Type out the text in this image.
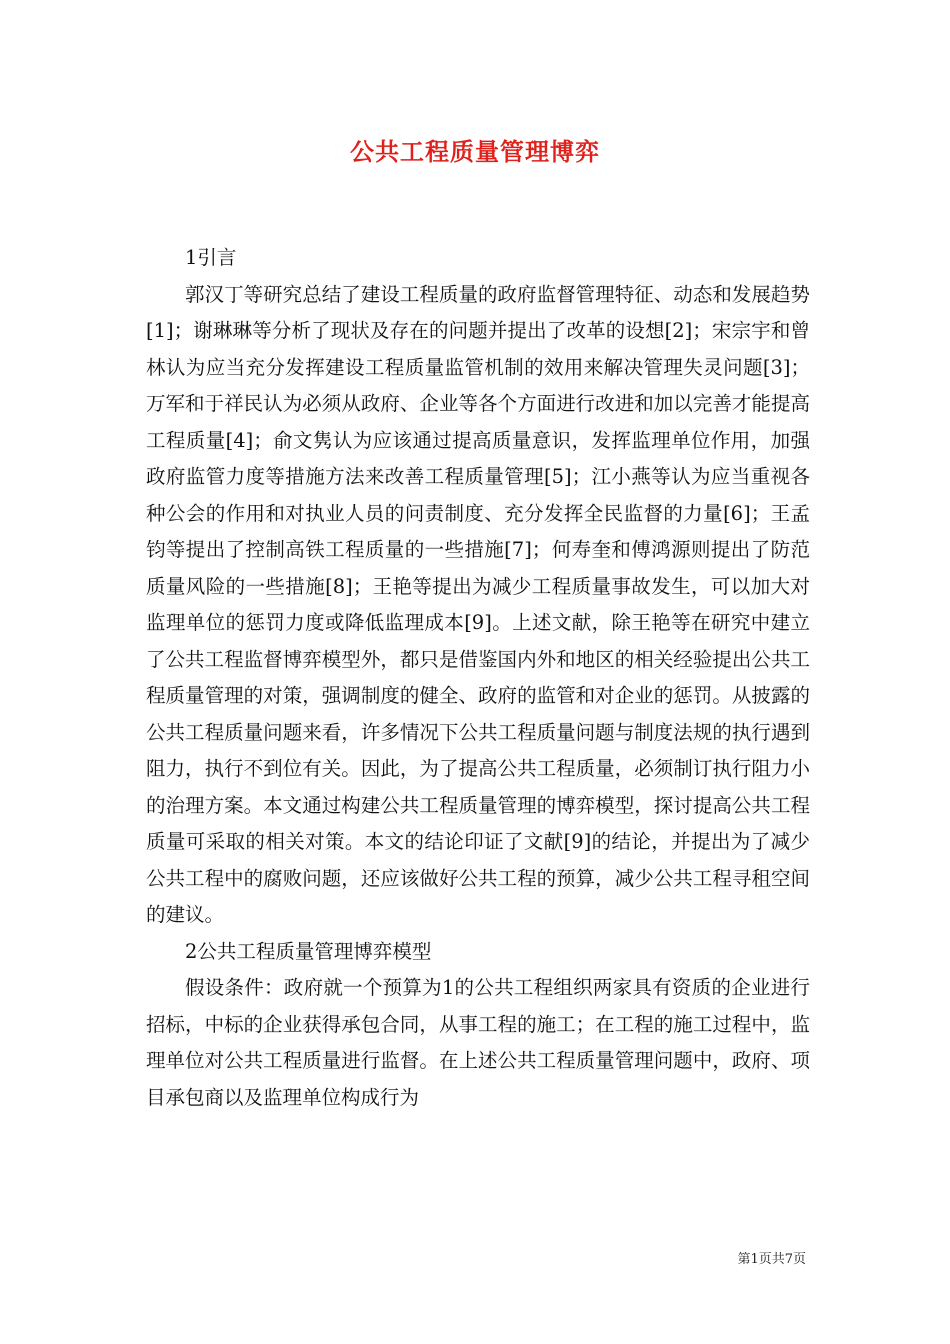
公共工程质量管理博弈

1引言

郭汉丁等研究总结了建设工程质量的政府监督管理特征、动态和发展趋势[1]；谢琳琳等分析了现状及存在的问题并提出了改革的设想[2]；宋宗宇和曾林认为应当充分发挥建设工程质量监管机制的效用来解决管理失灵问题[3]；万军和于祥民认为必须从政府、企业等各个方面进行改进和加以完善才能提高工程质量[4]；俞文隽认为应该通过提高质量意识，发挥监理单位作用，加强政府监管力度等措施方法来改善工程质量管理[5]；江小燕等认为应当重视各种公会的作用和对执业人员的问责制度、充分发挥全民监督的力量[6]；王孟钧等提出了控制高铁工程质量的一些措施[7]；何寿奎和傅鸿源则提出了防范质量风险的一些措施[8]；王艳等提出为减少工程质量事故发生，可以加大对监理单位的惩罚力度或降低监理成本[9]。上述文献，除王艳等在研究中建立了公共工程监督博弈模型外，都只是借鉴国内外和地区的相关经验提出公共工程质量管理的对策，强调制度的健全、政府的监管和对企业的惩罚。从披露的公共工程质量问题来看，许多情况下公共工程质量问题与制度法规的执行遇到阻力，执行不到位有关。因此，为了提高公共工程质量，必须制订执行阻力小的治理方案。本文通过构建公共工程质量管理的博弈模型，探讨提高公共工程质量可采取的相关对策。本文的结论印证了文献[9]的结论，并提出为了减少公共工程中的腐败问题，还应该做好公共工程的预算，减少公共工程寻租空间的建议。

2公共工程质量管理博弈模型

假设条件：政府就一个预算为1的公共工程组织两家具有资质的企业进行招标，中标的企业获得承包合同，从事工程的施工；在工程的施工过程中，监理单位对公共工程质量进行监督。在上述公共工程质量管理问题中，政府、项目承包商以及监理单位构成行为

第1页共7页
